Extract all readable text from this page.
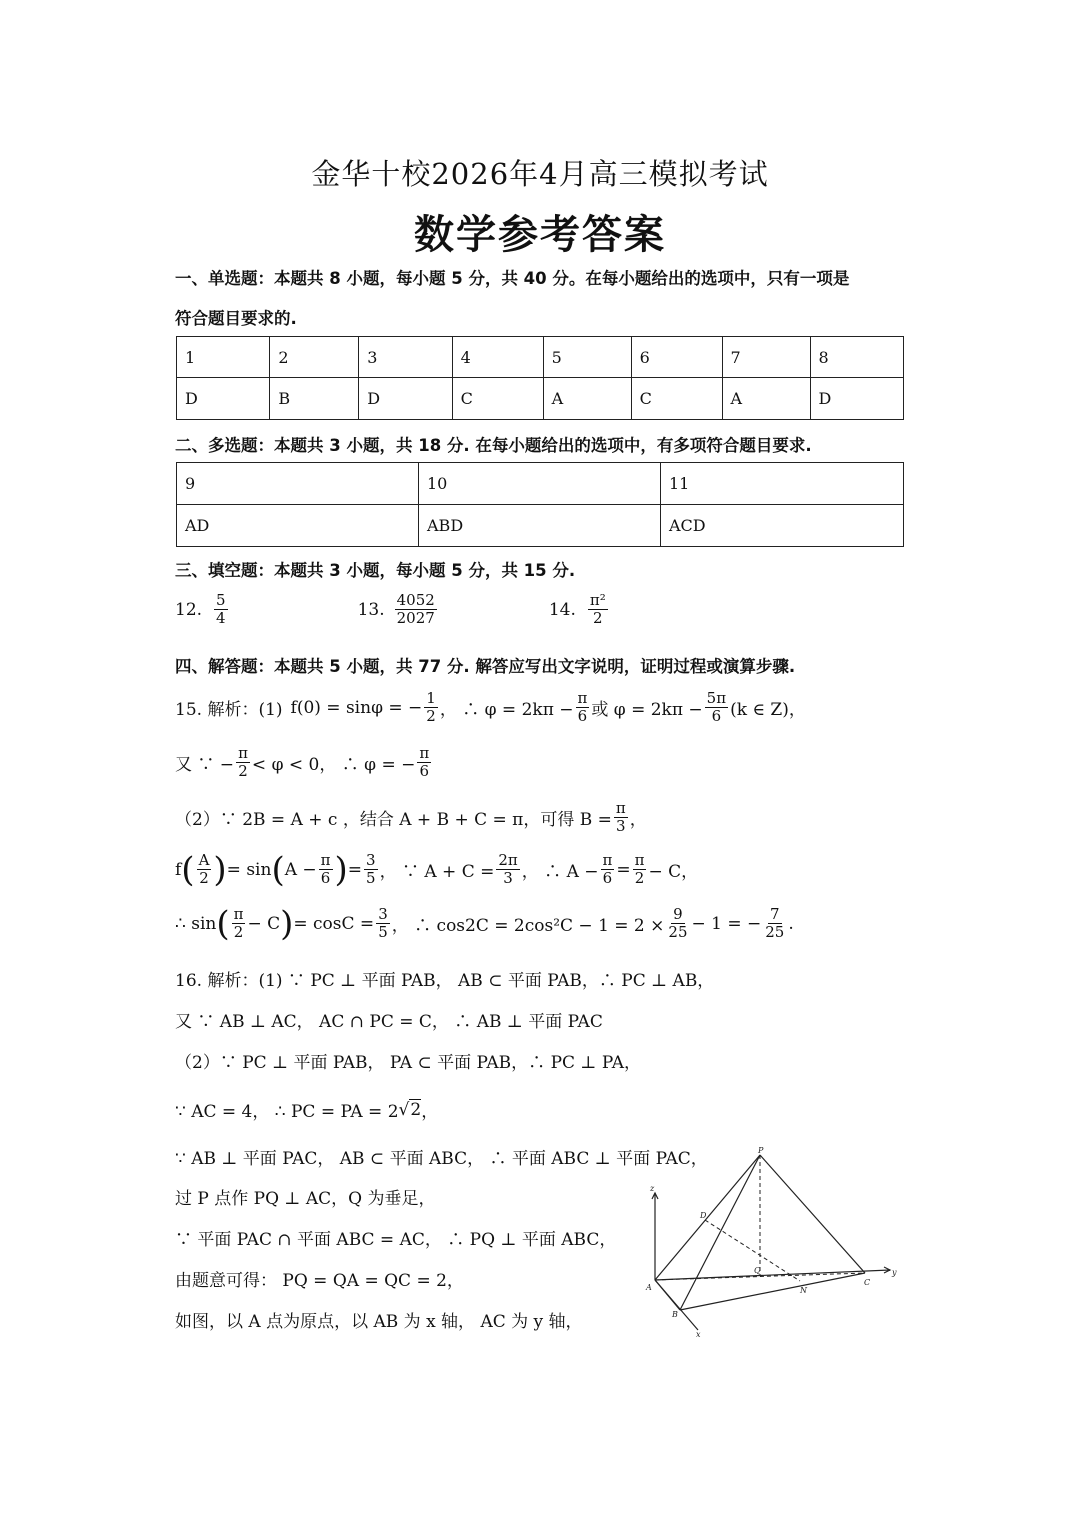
金华十校2026年4月高三模拟考试
数学参考答案
一、单选题：本题共 8 小题，每小题 5 分，共 40 分。在每小题给出的选项中，只有一项是
符合题目要求的.
1	2	3	4	5	6	7	8
D	B	D	C	A	C	A	D
二、多选题：本题共 3 小题，共 18 分. 在每小题给出的选项中，有多项符合题目要求.
9	10	11
AD	ABD	ACD
三、填空题：本题共 3 小题，每小题 5 分，共 15 分.
12. $\frac{5}{4}$	13. $\frac{4052}{2027}$	14. $\frac{\text{π²}}{2}$
四、解答题：本题共 5 小题，共 77 分. 解答应写出文字说明，证明过程或演算步骤.
15. 解析：(1) f(0) = sinφ = − $\frac{1}{2}$ ， ∴ $\varphi = 2k\pi - \frac{\pi}{6}$ 或 $\varphi = 2k\pi - \frac{5\pi}{6} (k$ ∈ Z)，
又 ∵ − $\frac{\pi}{2} < \varphi < 0$， ∴ φ = − $\frac{\pi}{6}$
（2）∵ 2B = A + c ，结合 A + B + C = π，可得 $B = \frac{\pi}{3}$ ，
f ( $\frac{A}{2}$ ) = sin ( $A - \frac{\pi}{6}$ ) = $\frac{3}{5}$ ， ∵ $A + C = \frac{2\pi}{3}$ ， ∴ $A - \frac{\pi}{6} = \frac{\pi}{2} - C$，
∴ sin ( $\frac{\pi}{2} - C$ ) = $\cos C = \frac{3}{5}$ ， ∴ $\cos 2C = 2\cos^2C - 1 = 2 \times \frac{9}{25} - 1$ = − $\frac{7}{25}$ .
16. 解析：(1) ∵ PC ⊥ 平面 PAB， AB ⊂ 平面 PAB，∴ PC ⊥ AB，
又 ∵ AB ⊥ AC， AC ∩ PC = C， ∴ AB ⊥ 平面 PAC
（2）∵ PC ⊥ 平面 PAB， PA ⊂ 平面 PAB，∴ PC ⊥ PA，
∵ AC = 4， ∴ PC = PA = 2 √ 2 ，
∵ AB ⊥ 平面 PAC， AB ⊂ 平面 ABC， ∴ 平面 ABC ⊥ 平面 PAC，
过 P 点作 PQ ⊥ AC，Q 为垂足，
∵ 平面 PAC ∩ 平面 ABC = AC， ∴ PQ ⊥ 平面 ABC，
由题意可得： PQ = QA = QC = 2，
如图，以 A 点为原点，以 AB 为 x 轴， AC 为 y 轴，
P
D
Q
A
B
C
N
x
y
z
